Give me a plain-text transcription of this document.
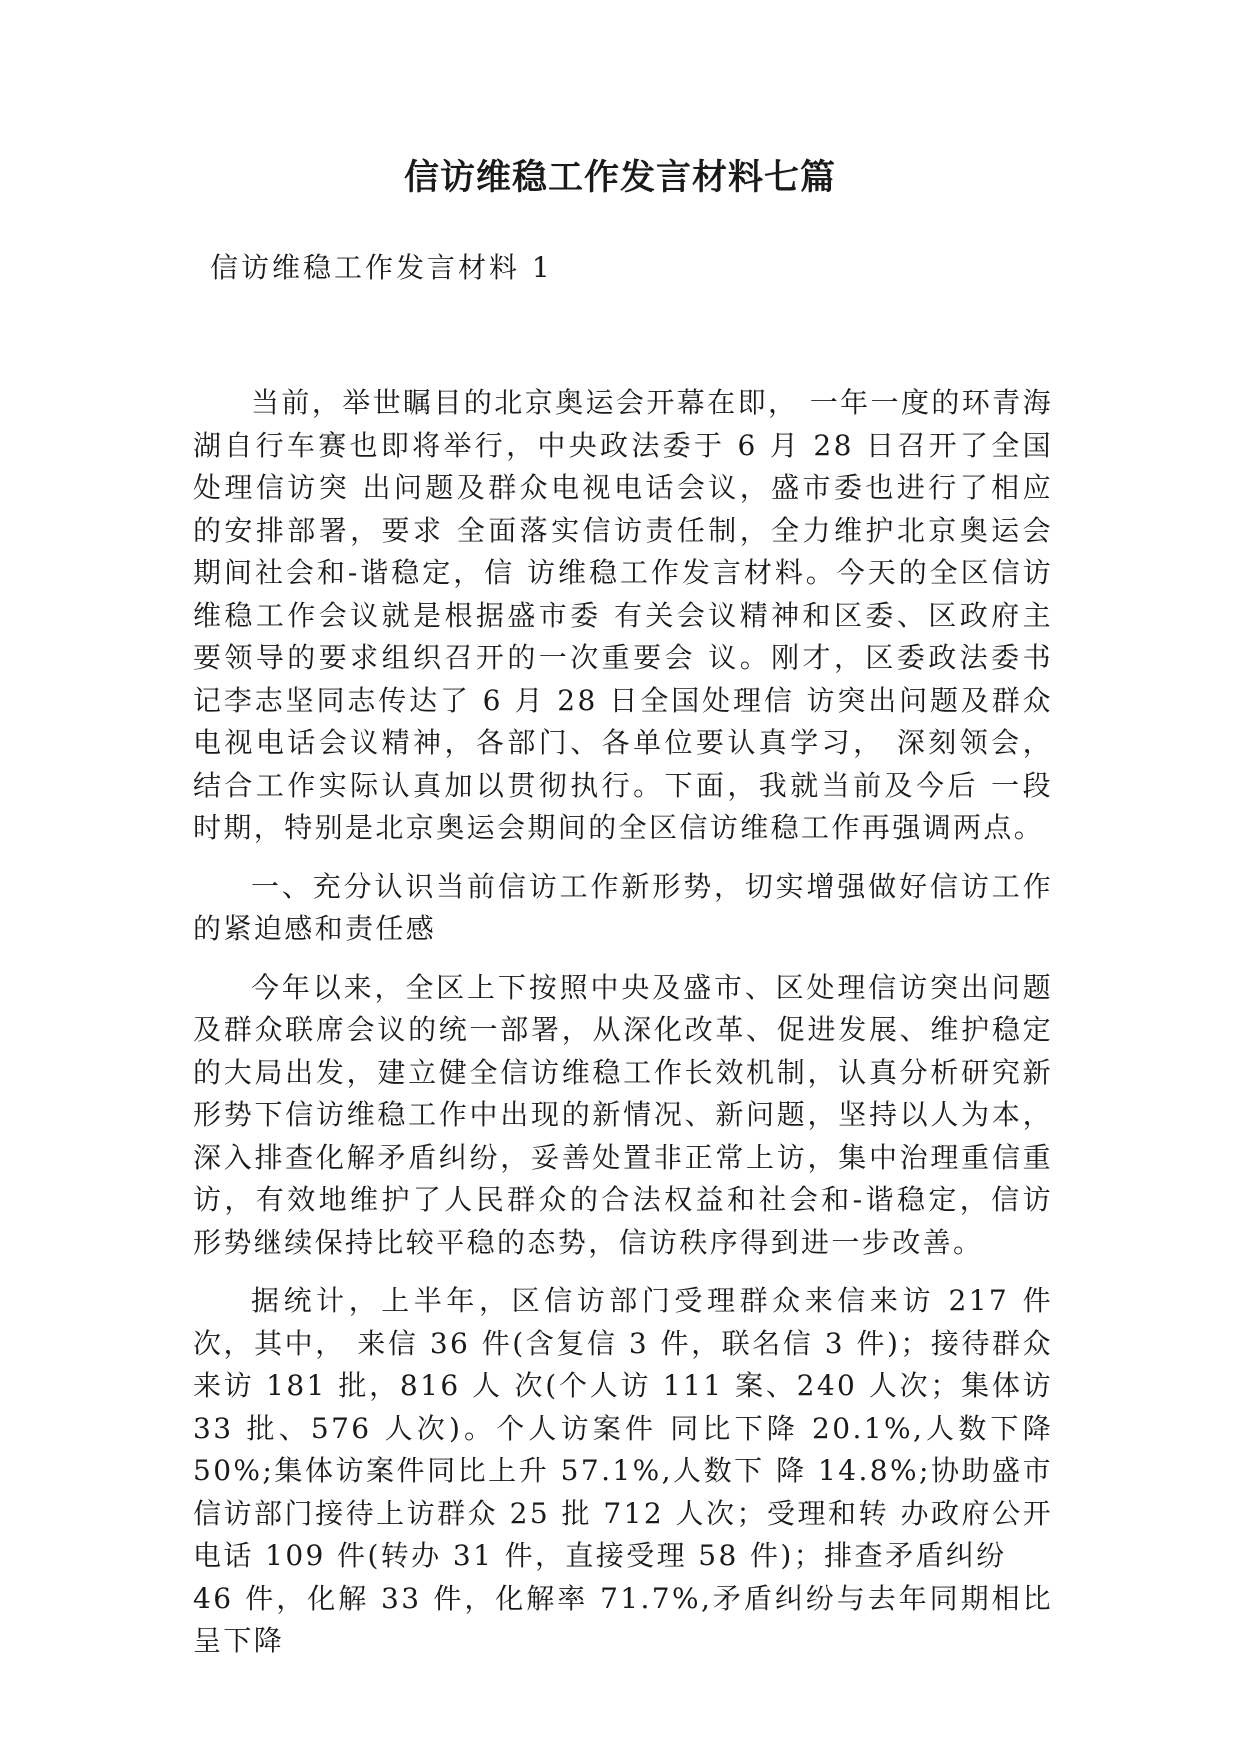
信访维稳工作发言材料七篇

信访维稳工作发言材料 1

当前，举世瞩目的北京奥运会开幕在即， 一年一度的环青海湖自行车赛也即将举行，中央政法委于 6 月 28 日召开了全国处理信访突 出问题及群众电视电话会议，盛市委也进行了相应的安排部署，要求 全面落实信访责任制，全力维护北京奥运会期间社会和-谐稳定，信 访维稳工作发言材料。今天的全区信访维稳工作会议就是根据盛市委 有关会议精神和区委、区政府主要领导的要求组织召开的一次重要会 议。刚才，区委政法委书记李志坚同志传达了 6 月 28 日全国处理信 访突出问题及群众电视电话会议精神，各部门、各单位要认真学习， 深刻领会，结合工作实际认真加以贯彻执行。下面，我就当前及今后 一段时期，特别是北京奥运会期间的全区信访维稳工作再强调两点。

一、充分认识当前信访工作新形势，切实增强做好信访工作的紧迫感和责任感

今年以来，全区上下按照中央及盛市、区处理信访突出问题及群众联席会议的统一部署，从深化改革、促进发展、维护稳定的大局出发，建立健全信访维稳工作长效机制，认真分析研究新形势下信访维稳工作中出现的新情况、新问题，坚持以人为本，深入排查化解矛盾纠纷，妥善处置非正常上访，集中治理重信重访，有效地维护了人民群众的合法权益和社会和-谐稳定，信访形势继续保持比较平稳的态势，信访秩序得到进一步改善。

据统计，上半年，区信访部门受理群众来信来访 217 件次，其中， 来信 36 件(含复信 3 件，联名信 3 件)；接待群众来访 181 批，816 人 次(个人访 111 案、240 人次；集体访 33 批、576 人次)。个人访案件 同比下降 20.1%,人数下降 50%;集体访案件同比上升 57.1%,人数下 降 14.8%;协助盛市信访部门接待上访群众 25 批 712 人次；受理和转 办政府公开电话 109 件(转办 31 件，直接受理 58 件)；排查矛盾纠纷

46 件，化解 33 件，化解率 71.7%,矛盾纠纷与去年同期相比呈下降
